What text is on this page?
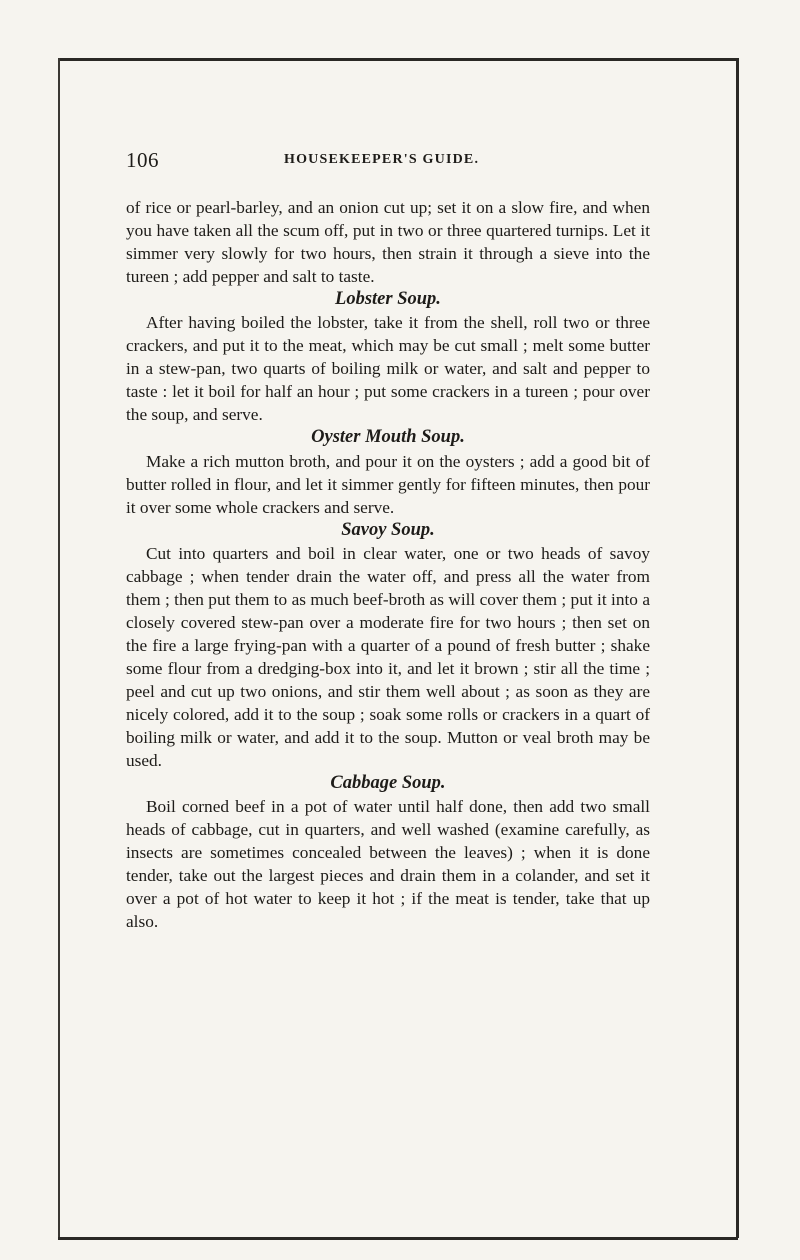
106	HOUSEKEEPER'S GUIDE.

of rice or pearl-barley, and an onion cut up; set it on a slow fire, and when you have taken all the scum off, put in two or three quartered turnips. Let it simmer very slowly for two hours, then strain it through a sieve into the tureen ; add pepper and salt to taste.

Lobster Soup.

After having boiled the lobster, take it from the shell, roll two or three crackers, and put it to the meat, which may be cut small ; melt some butter in a stew-pan, two quarts of boiling milk or water, and salt and pepper to taste : let it boil for half an hour ; put some crackers in a tureen ; pour over the soup, and serve.

Oyster Mouth Soup.

Make a rich mutton broth, and pour it on the oysters ; add a good bit of butter rolled in flour, and let it simmer gently for fifteen minutes, then pour it over some whole crackers and serve.

Savoy Soup.

Cut into quarters and boil in clear water, one or two heads of savoy cabbage ; when tender drain the water off, and press all the water from them ; then put them to as much beef-broth as will cover them ; put it into a closely covered stew-pan over a moderate fire for two hours ; then set on the fire a large frying-pan with a quarter of a pound of fresh butter ; shake some flour from a dredging-box into it, and let it brown ; stir all the time ; peel and cut up two onions, and stir them well about ; as soon as they are nicely colored, add it to the soup ; soak some rolls or crackers in a quart of boiling milk or water, and add it to the soup. Mutton or veal broth may be used.

Cabbage Soup.

Boil corned beef in a pot of water until half done, then add two small heads of cabbage, cut in quarters, and well washed (examine carefully, as insects are sometimes concealed between the leaves) ; when it is done tender, take out the largest pieces and drain them in a colander, and set it over a pot of hot water to keep it hot ; if the meat is tender, take that up also.
